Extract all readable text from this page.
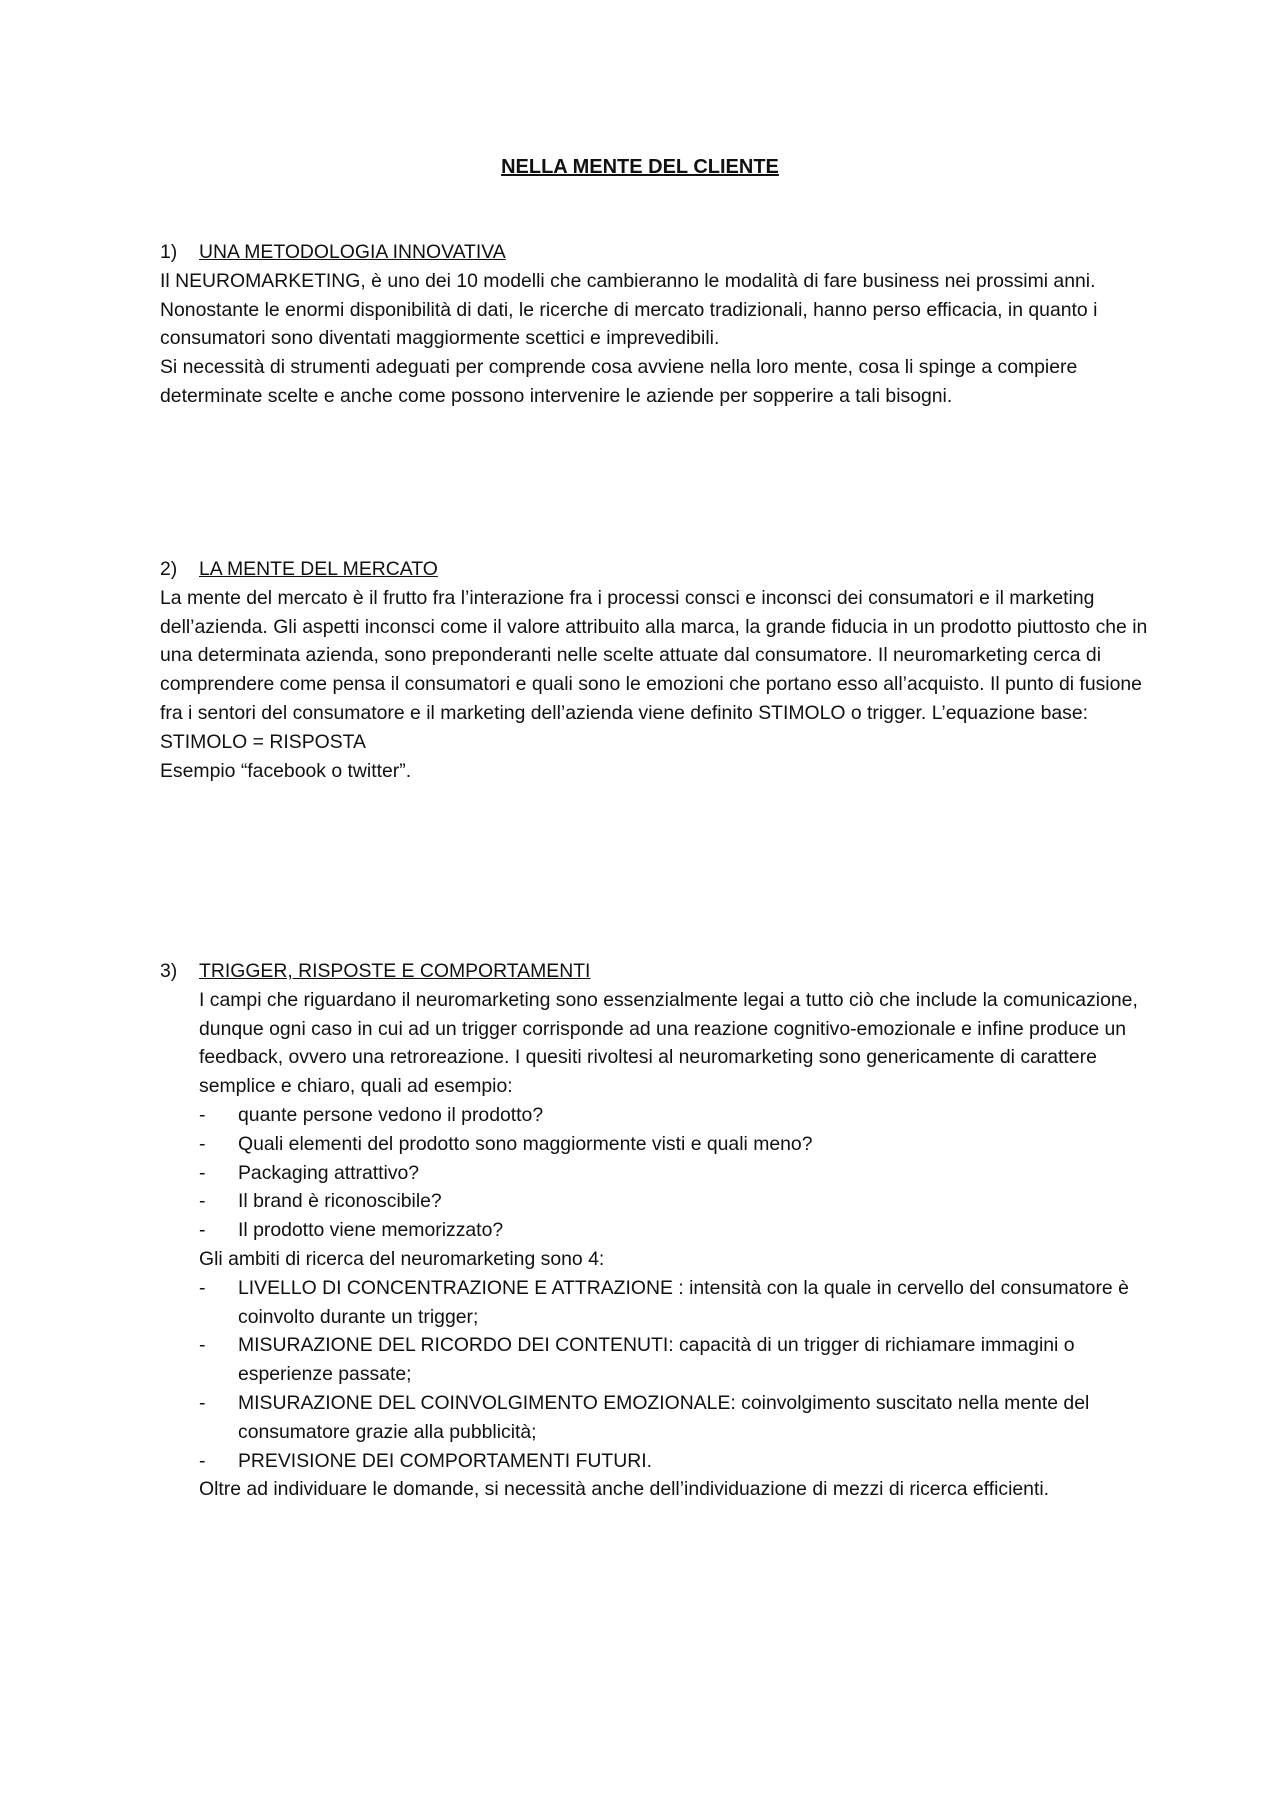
NELLA MENTE DEL CLIENTE
1)	UNA METODOLOGIA INNOVATIVA

Il NEUROMARKETING, è uno dei 10 modelli che cambieranno le modalità di fare business nei prossimi anni. Nonostante le enormi disponibilità di dati, le ricerche di mercato tradizionali, hanno perso efficacia, in quanto i consumatori sono diventati maggiormente scettici e imprevedibili.

Si necessità di strumenti adeguati per comprende cosa avviene nella loro mente, cosa li spinge a compiere determinate scelte e anche come possono intervenire le aziende per sopperire a tali bisogni.

2)	LA MENTE DEL MERCATO

La mente del mercato è il frutto fra l’interazione fra i processi consci e inconsci dei consumatori e il marketing dell’azienda. Gli aspetti inconsci come il valore attribuito alla marca, la grande fiducia in un prodotto piuttosto che in una determinata azienda, sono preponderanti nelle scelte attuate dal consumatore. Il neuromarketing cerca di comprendere come pensa il consumatori e quali sono le emozioni che portano esso all’acquisto. Il punto di fusione fra i sentori del consumatore e il marketing dell’azienda viene definito STIMOLO o trigger. L’equazione base: STIMOLO = RISPOSTA

Esempio “facebook o twitter”.

3)	TRIGGER, RISPOSTE E COMPORTAMENTI

I campi che riguardano il neuromarketing sono essenzialmente legai a tutto ciò che include la comunicazione, dunque ogni caso in cui ad un trigger corrisponde ad una reazione cognitivo-emozionale e infine produce un feedback, ovvero una retroreazione. I quesiti rivoltesi al neuromarketing sono genericamente di carattere semplice e chiaro, quali ad esempio:

- quante persone vedono il prodotto?
- Quali elementi del prodotto sono maggiormente visti e quali meno?
- Packaging attrattivo?
- Il brand è riconoscibile?
- Il prodotto viene memorizzato?

Gli ambiti di ricerca del neuromarketing sono 4:

- LIVELLO DI CONCENTRAZIONE E ATTRAZIONE : intensità con la quale in cervello del consumatore è coinvolto durante un trigger;
- MISURAZIONE DEL RICORDO DEI CONTENUTI: capacità di un trigger di richiamare immagini o esperienze passate;
- MISURAZIONE DEL COINVOLGIMENTO EMOZIONALE: coinvolgimento suscitato nella mente del consumatore grazie alla pubblicità;
- PREVISIONE DEI COMPORTAMENTI FUTURI.

Oltre ad individuare le domande, si necessità anche dell’individuazione di mezzi di ricerca efficienti.
